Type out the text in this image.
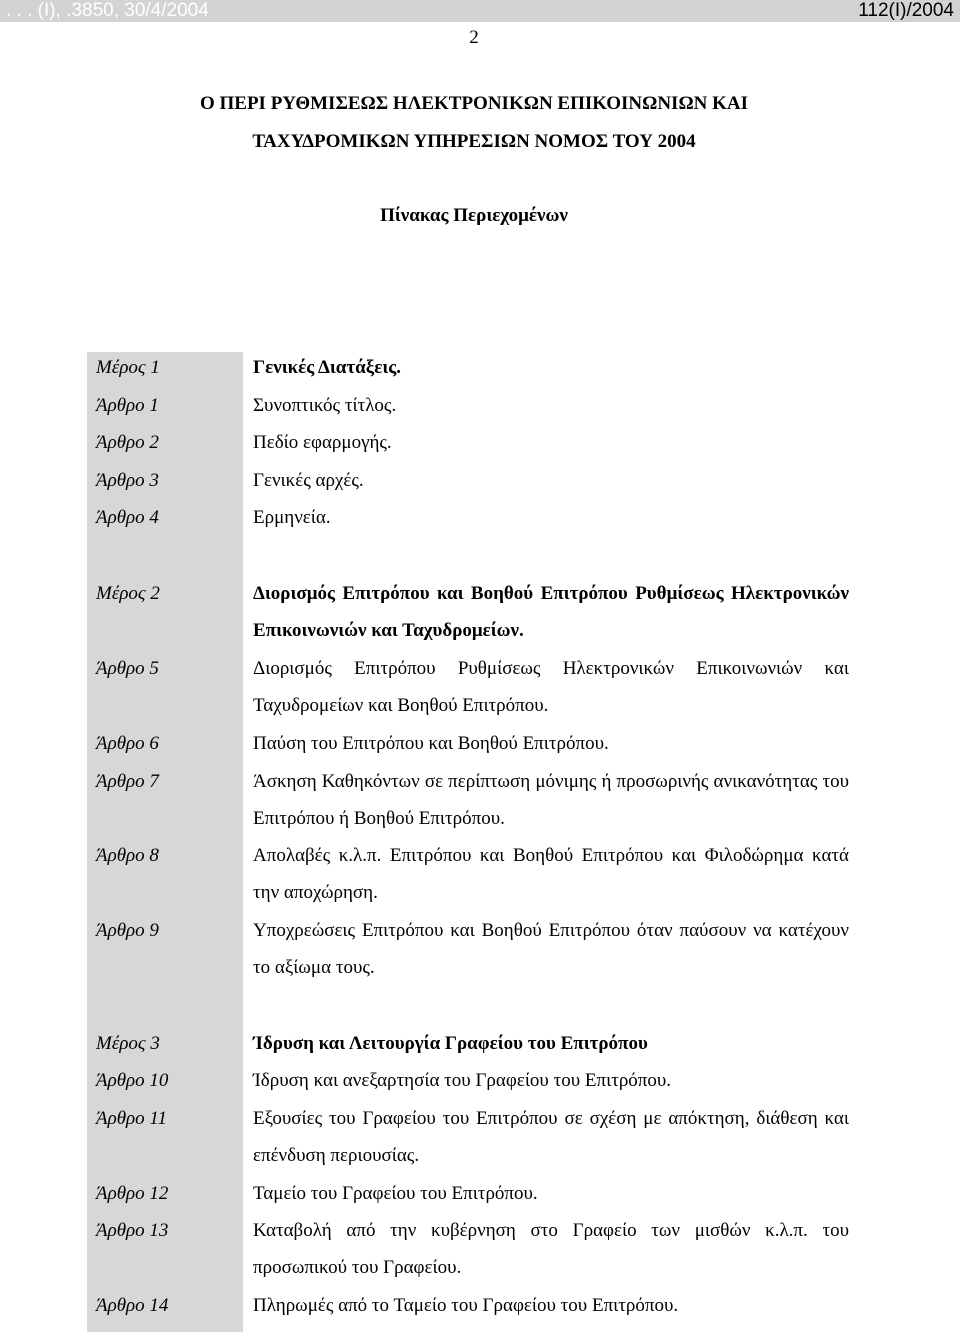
. . . (Ι), .3850, 30/4/2004	112(Ι)/2004
2
Ο ΠΕΡΙ ΡΥΘΜΙΣΕΩΣ ΗΛΕΚΤΡΟΝΙΚΩΝ ΕΠΙΚΟΙΝΩΝΙΩΝ ΚΑΙ
ΤΑΧΥΔΡΟΜΙΚΩΝ ΥΠΗΡΕΣΙΩΝ ΝΟΜΟΣ ΤΟΥ 2004
Πίνακας Περιεχομένων
Μέρος 1	Γενικές Διατάξεις.
Άρθρο 1	Συνοπτικός τίτλος.
Άρθρο 2	Πεδίο εφαρμογής.
Άρθρο 3	Γενικές αρχές.
Άρθρο 4	Ερμηνεία.
Μέρος 2	Διορισμός Επιτρόπου και Βοηθού Επιτρόπου Ρυθμίσεως Ηλεκτρονικών Επικοινωνιών και Ταχυδρομείων.
Άρθρο 5	Διορισμός Επιτρόπου Ρυθμίσεως Ηλεκτρονικών Επικοινωνιών και Ταχυδρομείων και Βοηθού Επιτρόπου.
Άρθρο 6	Παύση του Επιτρόπου και Βοηθού Επιτρόπου.
Άρθρο 7	Άσκηση Καθηκόντων σε περίπτωση μόνιμης ή προσωρινής ανικανότητας του Επιτρόπου ή Βοηθού Επιτρόπου.
Άρθρο 8	Απολαβές κ.λ.π. Επιτρόπου και Βοηθού Επιτρόπου και Φιλοδώρημα κατά την αποχώρηση.
Άρθρο 9	Υποχρεώσεις Επιτρόπου και Βοηθού Επιτρόπου όταν παύσουν να κατέχουν το αξίωμα τους.
Μέρος 3	Ίδρυση και Λειτουργία Γραφείου του Επιτρόπου
Άρθρο 10	Ίδρυση και ανεξαρτησία του Γραφείου του Επιτρόπου.
Άρθρο 11	Εξουσίες του Γραφείου του Επιτρόπου σε σχέση με απόκτηση, διάθεση και επένδυση περιουσίας.
Άρθρο 12	Ταμείο του Γραφείου του Επιτρόπου.
Άρθρο 13	Καταβολή από την κυβέρνηση στο Γραφείο των μισθών κ.λ.π. του προσωπικού του Γραφείου.
Άρθρο 14	Πληρωμές από το Ταμείο του Γραφείου του Επιτρόπου.
